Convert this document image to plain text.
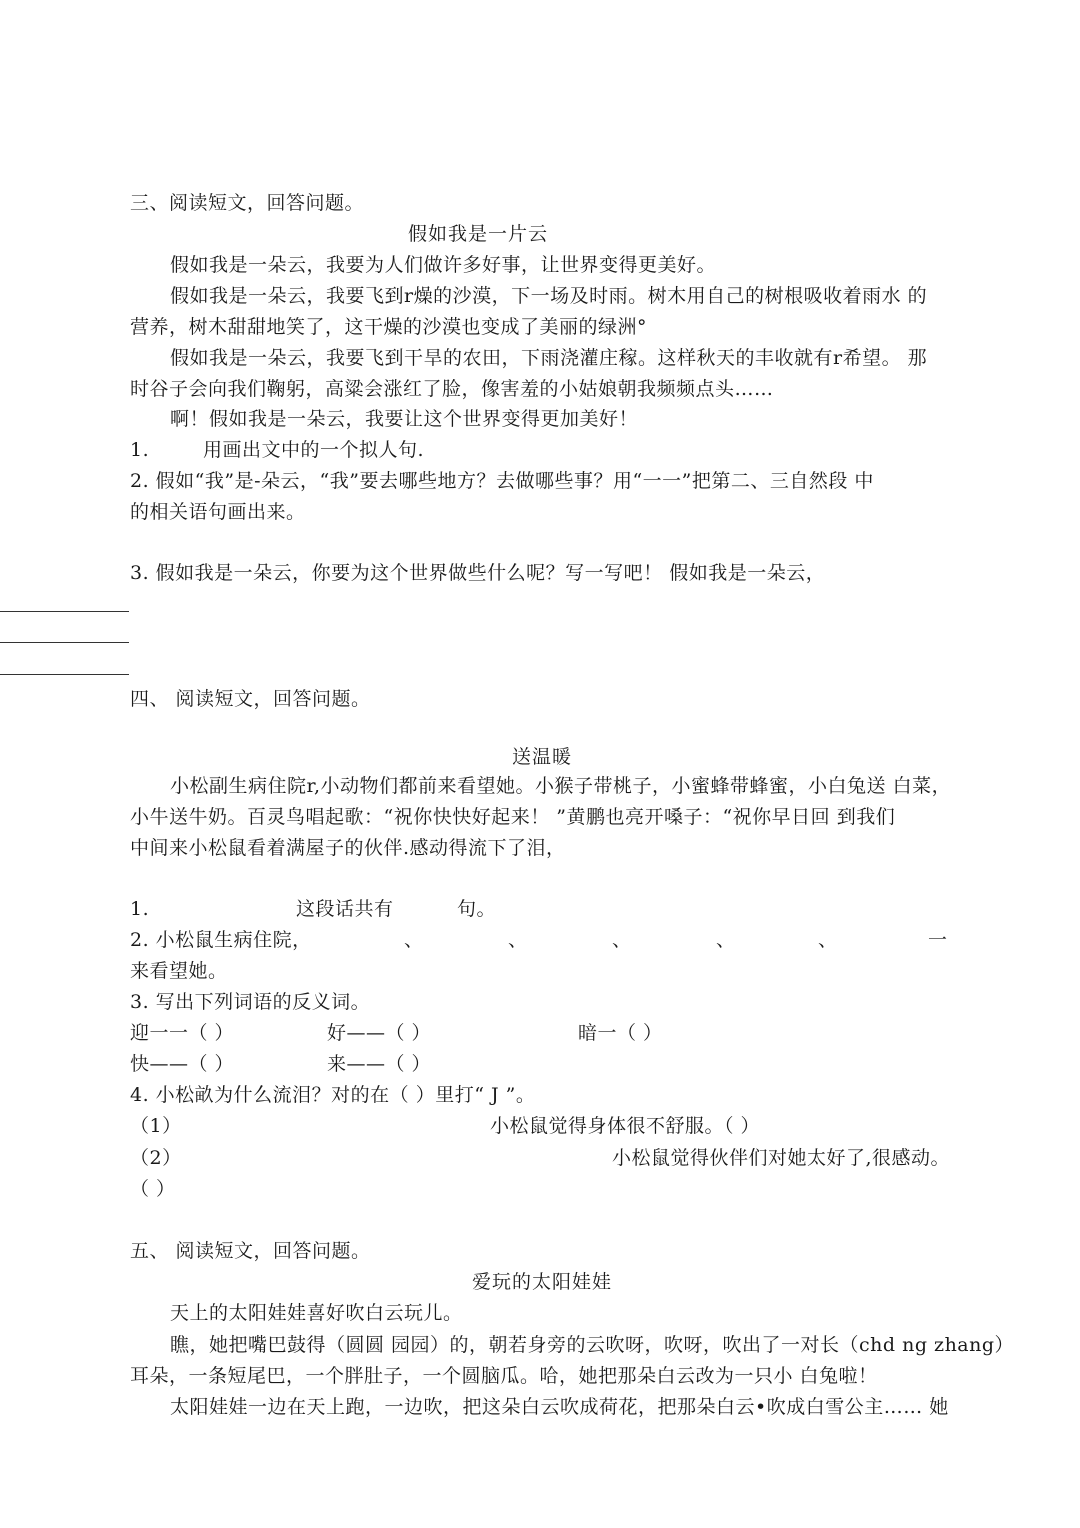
三、阅读短文，回答问题。
假如我是一片云
假如我是一朵云，我要为人们做许多好事，让世界变得更美好。
假如我是一朵云，我要飞到r燥的沙漠，下一场及时雨。树木用自己的树根吸收着雨水 的
营养，树木甜甜地笑了，这干燥的沙漠也变成了美丽的绿洲°
假如我是一朵云，我要飞到干旱的农田，下雨浇灌庄稼。这样秋天的丰收就有r希望。 那
时谷子会向我们鞠躬，高粱会涨红了脸，像害羞的小姑娘朝我频频点头……
啊！假如我是一朵云，我要让这个世界变得更加美好！
1.	用画出文中的一个拟人句.
2. 假如“我”是-朵云，“我”要去哪些地方？去做哪些事？用“一一”把第二、三自然段 中
的相关语句画出来。
3. 假如我是一朵云，你要为这个世界做些什么呢？写一写吧！ 假如我是一朵云，
四、 阅读短文，回答问题。
送温暖
小松副生病住院r,小动物们都前来看望她。小猴子带桃子，小蜜蜂带蜂蜜，小白兔送 白菜，
小牛送牛奶。百灵鸟唱起歌：“祝你快快好起来！ ”黄鹏也亮开嗓子：“祝你早日回 到我们
中间来小松鼠看着满屋子的伙伴.感动得流下了泪，
1.	这段话共有	句。
2. 小松鼠生病住院，	、	、	、	、	、	一
来看望她。
3. 写出下列词语的反义词。
迎一一（ ）	好——（ ）	暗一（ ）
快——（ ）	来——（ ）
4. 小松畝为什么流泪？对的在（ ）里打“ J ”。
（1）	小松鼠觉得身体很不舒服。（ ）
（2）	小松鼠觉得伙伴们对她太好了,很感动。
（ ）
五、 阅读短文，回答问题。
爱玩的太阳娃娃
天上的太阳娃娃喜好吹白云玩儿。
瞧，她把嘴巴鼓得（圆圆 园园）的，朝若身旁的云吹呀，吹呀，吹出了一对长（chd ng zhang）
耳朵，一条短尾巴，一个胖肚子，一个圆脑瓜。哈，她把那朵白云改为一只小 白兔啦！
太阳娃娃一边在天上跑，一边吹，把这朵白云吹成荷花，把那朵白云•吹成白雪公主…… 她
